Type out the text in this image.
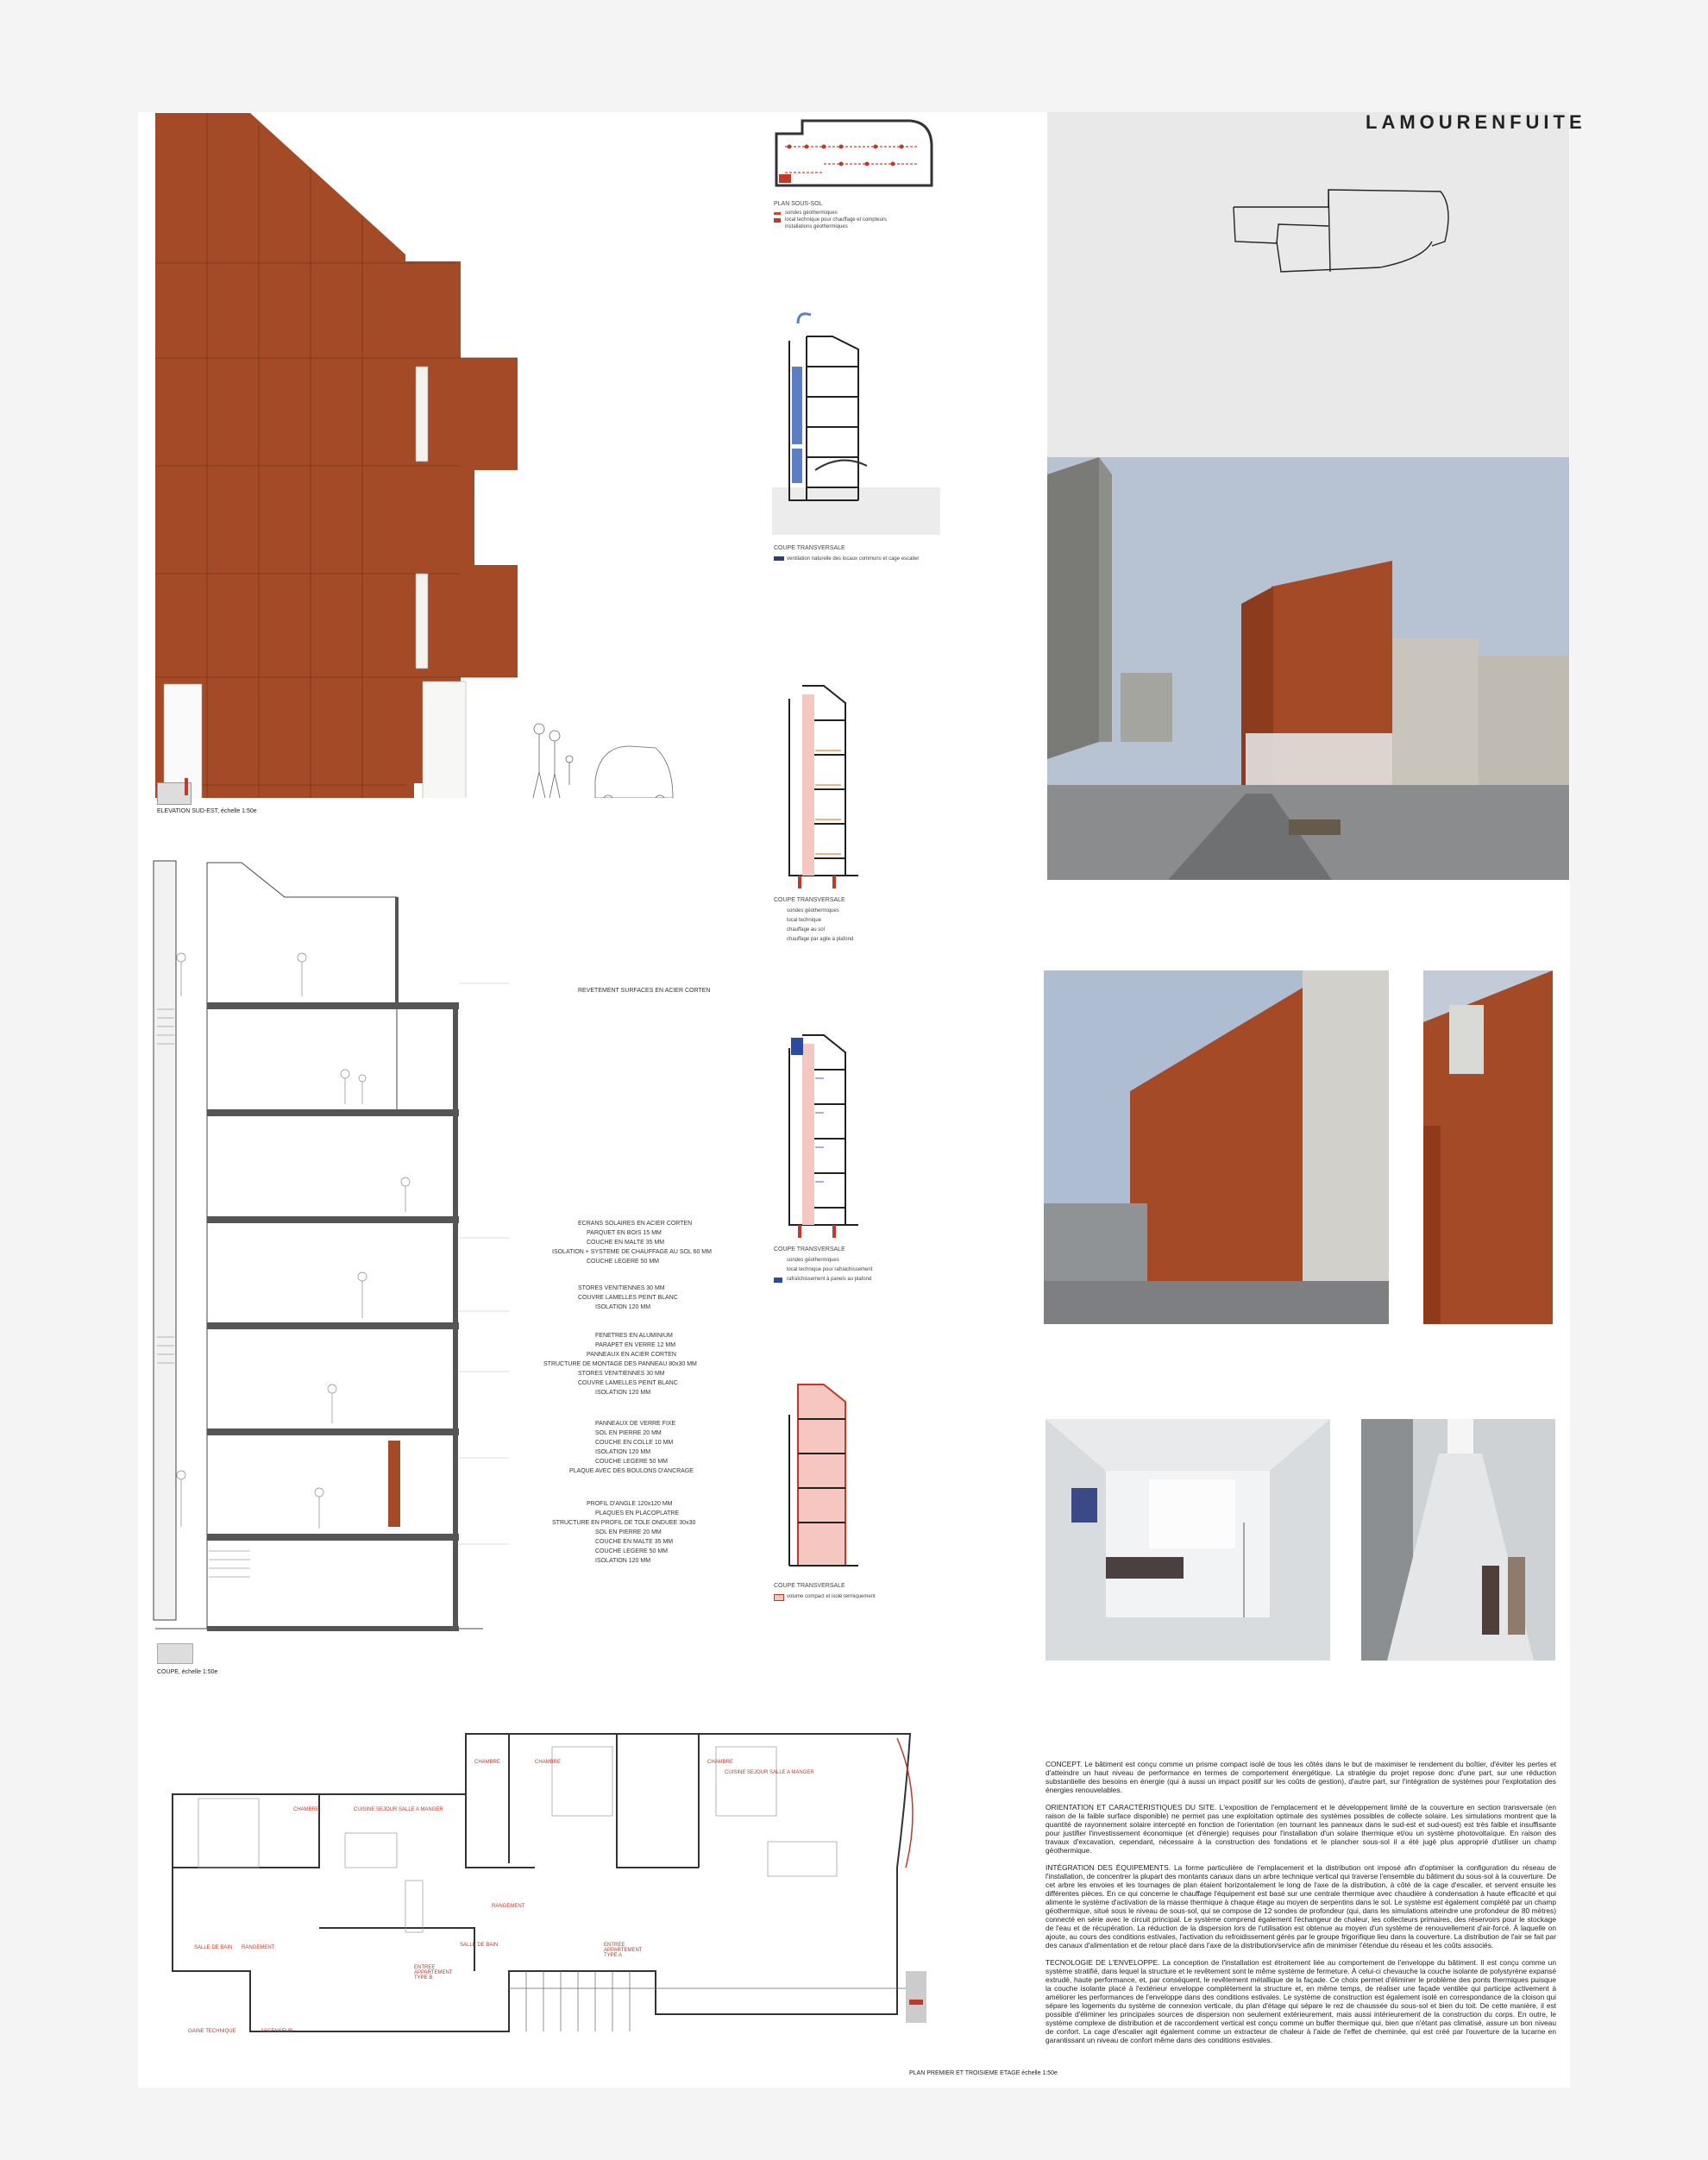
ELEVATION SUD-EST, échelle 1:50e
REVETEMENT SURFACES EN ACIER CORTEN
ECRANS SOLAIRES EN ACIER CORTEN
PARQUET EN BOIS 15 MM
COUCHE EN MALTE 35 MM
ISOLATION + SYSTEME DE CHAUFFAGE AU SOL 60 MM
COUCHE LEGERE 50 MM
STORES VENITIENNES 30 MM
COUVRE LAMELLES PEINT BLANC
ISOLATION 120 MM
FENETRES EN ALUMINIUM
PARAPET EN VERRE 12 MM
PANNEAUX EN ACIER CORTEN
STRUCTURE DE MONTAGE DES PANNEAU 80x30 MM
STORES VENITIENNES 30 MM
COUVRE LAMELLES PEINT BLANC
ISOLATION 120 MM
PANNEAUX DE VERRE FIXE
SOL EN PIERRE 20 MM
COUCHE EN COLLE 10 MM
ISOLATION 120 MM
COUCHE LEGERE 50 MM
PLAQUE AVEC DES BOULONS D'ANCRAGE
PROFIL D'ANGLE 120x120 MM
PLAQUES EN PLACOPLATRE
STRUCTURE EN PROFIL DE TOLE ONDUEE 30x30
SOL EN PIERRE 20 MM
COUCHE EN MALTE 35 MM
COUCHE LEGERE 50 MM
ISOLATION 120 MM
COUPE, échelle 1:50e
PLAN SOUS-SOL
sondes géothermiques
local technique pour chauffage et compteurs
installations géothermiques
COUPE TRANSVERSALE
ventilation naturelle des locaux communs et cage escalier
COUPE TRANSVERSALE
sondes géothermiques
local technique
chauffage au sol
chauffage par agile à plafond
COUPE TRANSVERSALE
sondes géothermiques
local technique pour rafraichissement
rafraîchissement à panels au plafond
COUPE TRANSVERSALE
volume compact et isolé termiquement
LAMOURENFUITE

CONCEPT. Le bâtiment est conçu comme un prisme compact isolé de tous les côtés dans le but de maximiser le rendement du boîtier, d'éviter les pertes et d'atteindre un haut niveau de performance en termes de comportement énergétique. La stratégie du projet repose donc d'une part, sur une réduction substantielle des besoins en énergie (qui à aussi un impact positif sur les coûts de gestion), d'autre part, sur l'intégration de systèmes pour l'exploitation des énergies renouvelables.

ORIENTATION ET CARACTÉRISTIQUES DU SITE. L'exposition de l'emplacement et le développement limité de la couverture en section transversale (en raison de la faible surface disponible) ne permet pas une exploitation optimale des systèmes possibles de collecte solaire. Les simulations montrent que la quantité de rayonnement solaire intercepté en fonction de l'orientation (en tournant les panneaux dans le sud-est et sud-ouest) est très faible et insuffisante pour justifier l'investissement économique (et d'énergie) requises pour l'installation d'un solaire thermique et/ou un système photovoltaïque. En raison des travaux d'excavation, cependant, nécessaire à la construction des fondations et le plancher sous-sol il a été jugé plus approprié d'utiliser un champ géothermique.

INTÉGRATION DES ÉQUIPEMENTS. La forme particulière de l'emplacement et la distribution ont imposé afin d'optimiser la configuration du réseau de l'installation, de concentrer la plupart des montants canaux dans un arbre technique vertical qui traverse l'ensemble du bâtiment du sous-sol à la couverture. De cet arbre les envoies et les tournages de plan étaient horizontalement le long de l'axe de la distribution, à côté de la cage d'escalier, et servent ensuite les différentes pièces. En ce qui concerne le chauffage l'équipement est basé sur une centrale thermique avec chaudière à condensation à haute efficacité et qui alimente le système d'activation de la masse thermique à chaque étage au moyen de serpentins dans le sol. Le système est également complété par un champ géothermique, situé sous le niveau de sous-sol, qui se compose de 12 sondes de profondeur (qui, dans les simulations atteindre une profondeur de 80 mètres) connecté en série avec le circuit principal. Le système comprend également l'échangeur de chaleur, les collecteurs primaires, des réservoirs pour le stockage de l'eau et de récupération. La réduction de la dispersion lors de l'utilisation est obtenue au moyen d'un système de renouvellement d'air-forcé. À laquelle on ajoute, au cours des conditions estivales, l'activation du refroidissement gérés par le groupe frigorifique lieu dans la couverture. La distribution de l'air se fait par des canaux d'alimentation et de retour placé dans l'axe de la distribution/service afin de minimiser l'étendue du réseau et les coûts associés.

TECNOLOGIE DE L'ENVELOPPE. La conception de l'installation est étroitement liée au comportement de l'enveloppe du bâtiment. Il est conçu comme un système stratifié, dans lequel la structure et le revêtement sont le même système de fermeture. À celui-ci chevauche la couche isolante de polystyrène expansé extrudé, haute performance, et, par conséquent, le revêtement métallique de la façade. Ce choix permet d'éliminer le problème des ponts thermiques puisque la couche isolante placé à l'extérieur enveloppe complètement la structure et, en même temps, de réaliser une façade ventilée qui participe activement à améliorer les performances de l'enveloppe dans des conditions estivales. Le système de construction est également isolé en correspondance de la cloison qui sépare les logements du système de connexion verticale, du plan d'étage qui sépare le rez de chaussée du sous-sol et bien du toit. De cette manière, il est possible d'éliminer les principales sources de dispersion non seulement extérieurement, mais aussi intérieurement de la construction du corps. En outre, le système complexe de distribution et de raccordement vertical est conçu comme un buffer thermique qui, bien que n'étant pas climatisé, assure un bon niveau de confort. La cage d'escalier agit également comme un extracteur de chaleur à l'aide de l'effet de cheminée, qui est créé par l'ouverture de la lucarne en garantissant un niveau de confort même dans des conditions estivales.

CHAMBRE
CHAMBRE	CHAMBRE	CHAMBRE
CUISINE SEJOUR SALLE A MANGER
CUISINE SEJOUR SALLE A MANGER
SALLE DE BAIN RANGEMENT	SALLE DE BAIN	ENTREE APPARTEMENT TYPE A
ENTREE APPARTEMENT TYPE B
GAINE TECHNIQUE	ASCENSEUR
RANGEMENT
PLAN PREMIER ET TROISIEME ETAGE échelle 1:50e
